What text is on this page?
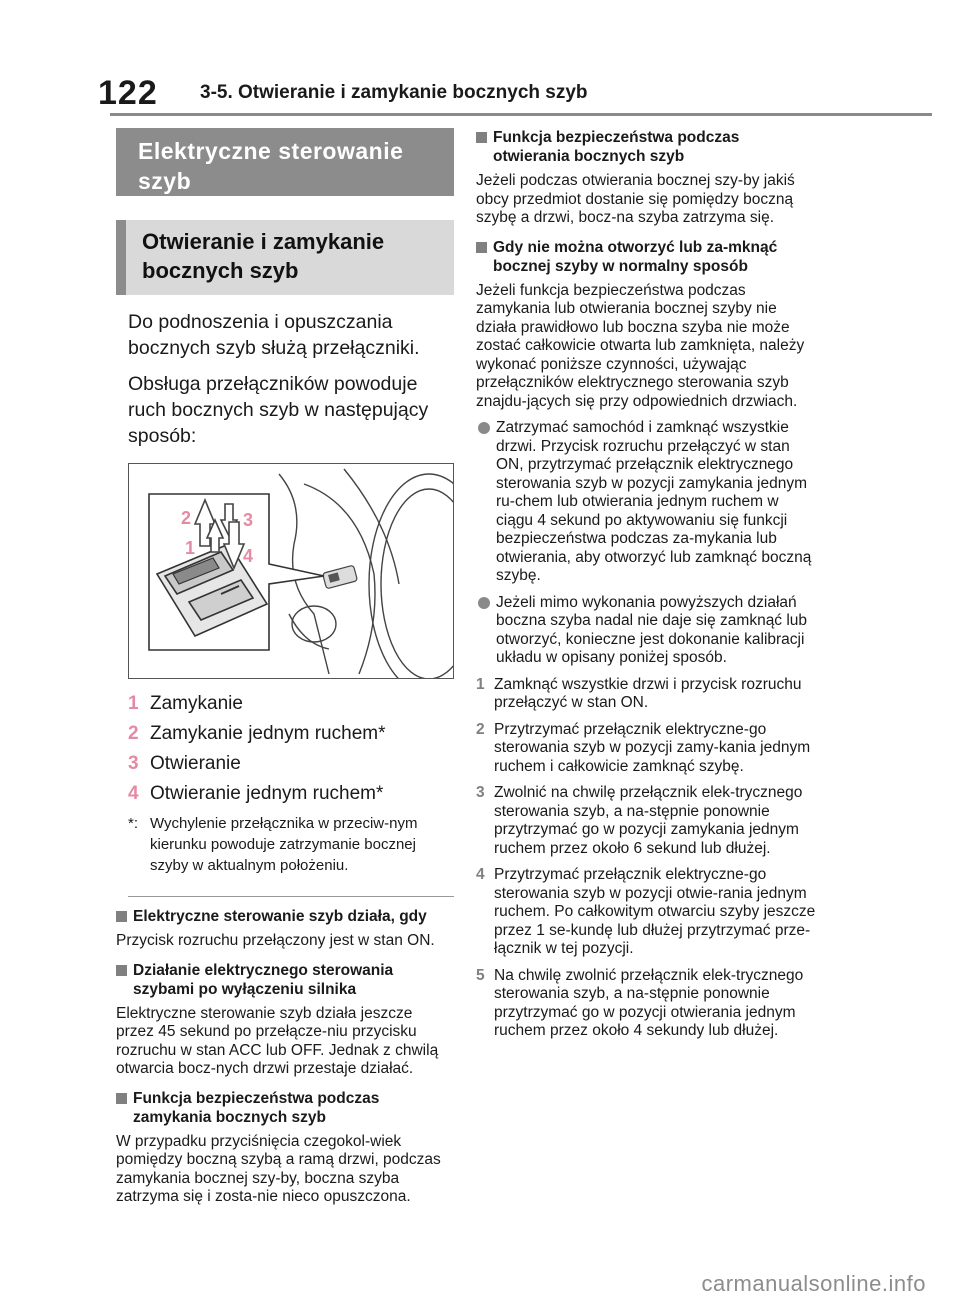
122 3-5. Otwieranie i zamykanie bocznych szyb
Elektryczne sterowanie
szyb
Otwieranie i zamykanie
bocznych szyb

Do podnoszenia i opuszczania bocznych szyb służą przełączniki.

Obsługa przełączników powoduje ruch bocznych szyb w następujący sposób:

2
1
3
4
1 Zamykanie
2 Zamykanie jednym ruchem*
3 Otwieranie
4 Otwieranie jednym ruchem*
*: Wychylenie przełącznika w przeciw-nym kierunku powoduje zatrzymanie bocznej szyby w aktualnym położeniu.
Elektryczne sterowanie szyb działa, gdy
Przycisk rozruchu przełączony jest w stan ON.
Działanie elektrycznego sterowania szybami po wyłączeniu silnika
Elektryczne sterowanie szyb działa jeszcze przez 45 sekund po przełącze-niu przycisku rozruchu w stan ACC lub OFF. Jednak z chwilą otwarcia bocz-nych drzwi przestaje działać.
Funkcja bezpieczeństwa podczas zamykania bocznych szyb
W przypadku przyciśnięcia czegokol-wiek pomiędzy boczną szybą a ramą drzwi, podczas zamykania bocznej szy-by, boczna szyba zatrzyma się i zosta-nie nieco opuszczona.
Funkcja bezpieczeństwa podczas otwierania bocznych szyb
Jeżeli podczas otwierania bocznej szy-by jakiś obcy przedmiot dostanie się pomiędzy boczną szybę a drzwi, bocz-na szyba zatrzyma się.
Gdy nie można otworzyć lub za-mknąć bocznej szyby w normalny sposób
Jeżeli funkcja bezpieczeństwa podczas zamykania lub otwierania bocznej szyby nie działa prawidłowo lub boczna szyba nie może zostać całkowicie otwarta lub zamknięta, należy wykonać poniższe czynności, używając przełączników elektrycznego sterowania szyb znajdu-jących się przy odpowiednich drzwiach.
Zatrzymać samochód i zamknąć wszystkie drzwi. Przycisk rozruchu przełączyć w stan ON, przytrzymać przełącznik elektrycznego sterowania szyb w pozycji zamykania jednym ru-chem lub otwierania jednym ruchem w ciągu 4 sekund po aktywowaniu się funkcji bezpieczeństwa podczas za-mykania lub otwierania, aby otworzyć lub zamknąć boczną szybę.
Jeżeli mimo wykonania powyższych działań boczna szyba nadal nie daje się zamknąć lub otworzyć, konieczne jest dokonanie kalibracji układu w opisany poniżej sposób.
1 Zamknąć wszystkie drzwi i przycisk rozruchu przełączyć w stan ON.
2 Przytrzymać przełącznik elektryczne-go sterowania szyb w pozycji zamy-kania jednym ruchem i całkowicie zamknąć szybę.
3 Zwolnić na chwilę przełącznik elek-trycznego sterowania szyb, a na-stępnie ponownie przytrzymać go w pozycji zamykania jednym ruchem przez około 6 sekund lub dłużej.
4 Przytrzymać przełącznik elektryczne-go sterowania szyb w pozycji otwie-rania jednym ruchem. Po całkowitym otwarciu szyby jeszcze przez 1 se-kundę lub dłużej przytrzymać prze-łącznik w tej pozycji.
5 Na chwilę zwolnić przełącznik elek-trycznego sterowania szyb, a na-stępnie ponownie przytrzymać go w pozycji otwierania jednym ruchem przez około 4 sekundy lub dłużej.
carmanualsonline.info
